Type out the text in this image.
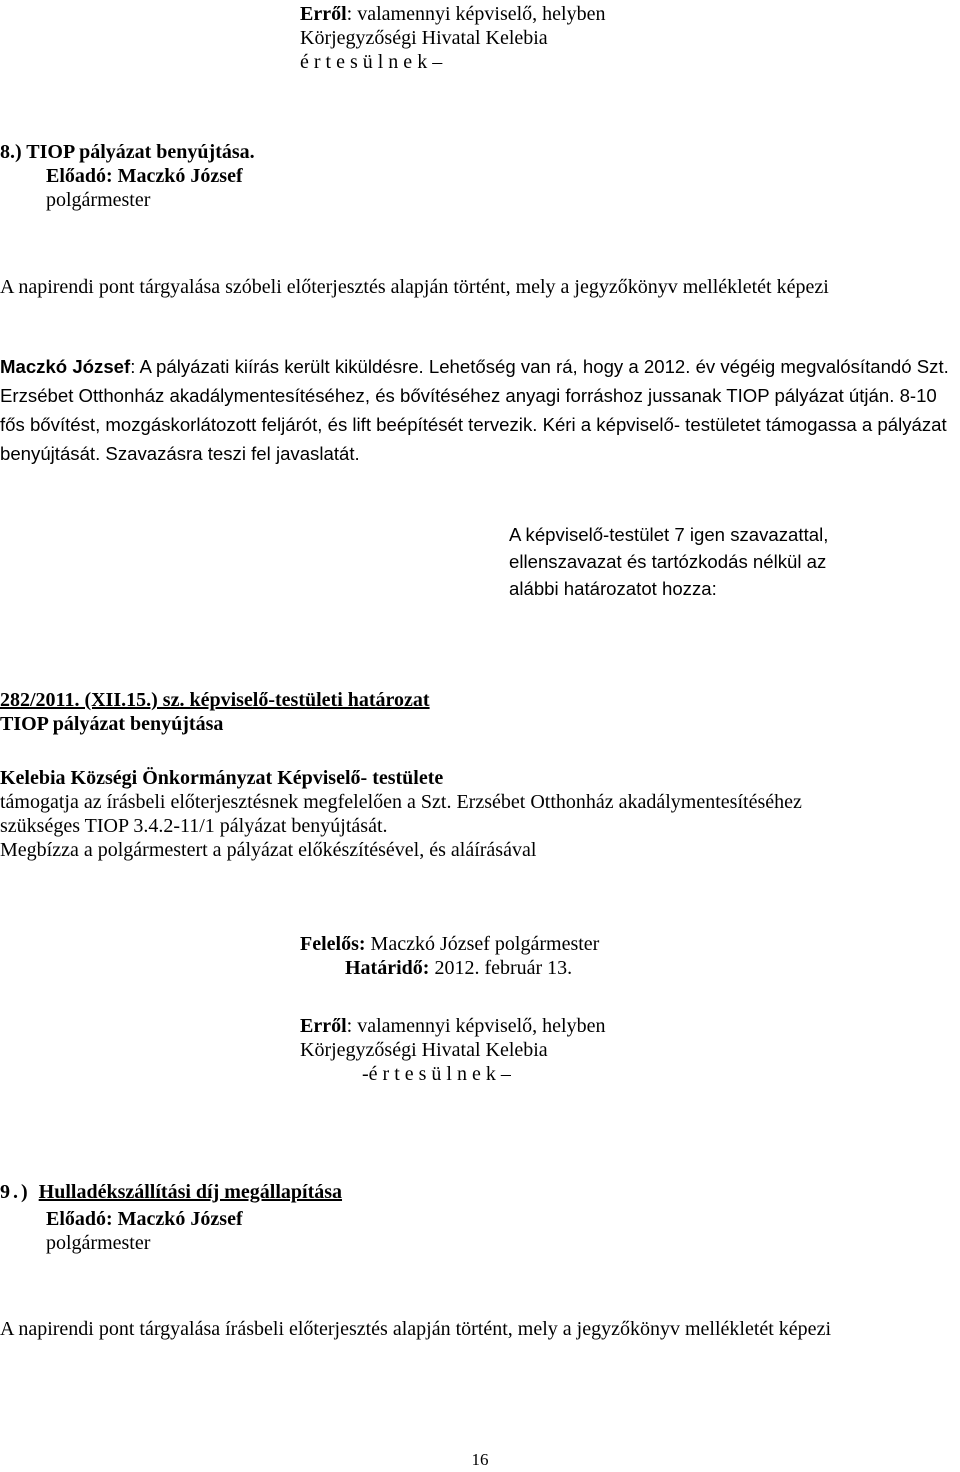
Erről: valamennyi képviselő, helyben
Körjegyzőségi Hivatal Kelebia
é r t e s ü l n e k –
8.) TIOP pályázat benyújtása.
Előadó: Maczkó József
polgármester
A napirendi pont tárgyalása szóbeli előterjesztés alapján történt, mely a jegyzőkönyv mellékletét képezi
Maczkó József: A pályázati kiírás került kiküldésre. Lehetőség van rá, hogy a 2012. év végéig megvalósítandó Szt. Erzsébet Otthonház akadálymentesítéséhez, és bővítéséhez anyagi forráshoz jussanak TIOP pályázat útján. 8-10 fős bővítést, mozgáskorlátozott feljárót, és lift beépítését tervezik. Kéri a képviselő- testületet támogassa a pályázat benyújtását. Szavazásra teszi fel javaslatát.
A képviselő-testület 7 igen szavazattal,
ellenszavazat és tartózkodás nélkül az
alábbi határozatot hozza:
282/2011. (XII.15.) sz. képviselő-testületi határozat
TIOP pályázat benyújtása
Kelebia Községi Önkormányzat Képviselő- testülete
támogatja az írásbeli előterjesztésnek megfelelően a Szt. Erzsébet Otthonház akadálymentesítéséhez
szükséges TIOP 3.4.2-11/1 pályázat benyújtását.
Megbízza a polgármestert a pályázat előkészítésével, és aláírásával
Felelős: Maczkó József polgármester
Határidő: 2012. február 13.
Erről: valamennyi képviselő, helyben
Körjegyzőségi Hivatal Kelebia
-é r t e s ü l n e k –
9.) Hulladékszállítási díj megállapítása
Előadó: Maczkó József
polgármester
A napirendi pont tárgyalása írásbeli előterjesztés alapján történt, mely a jegyzőkönyv mellékletét képezi
16
